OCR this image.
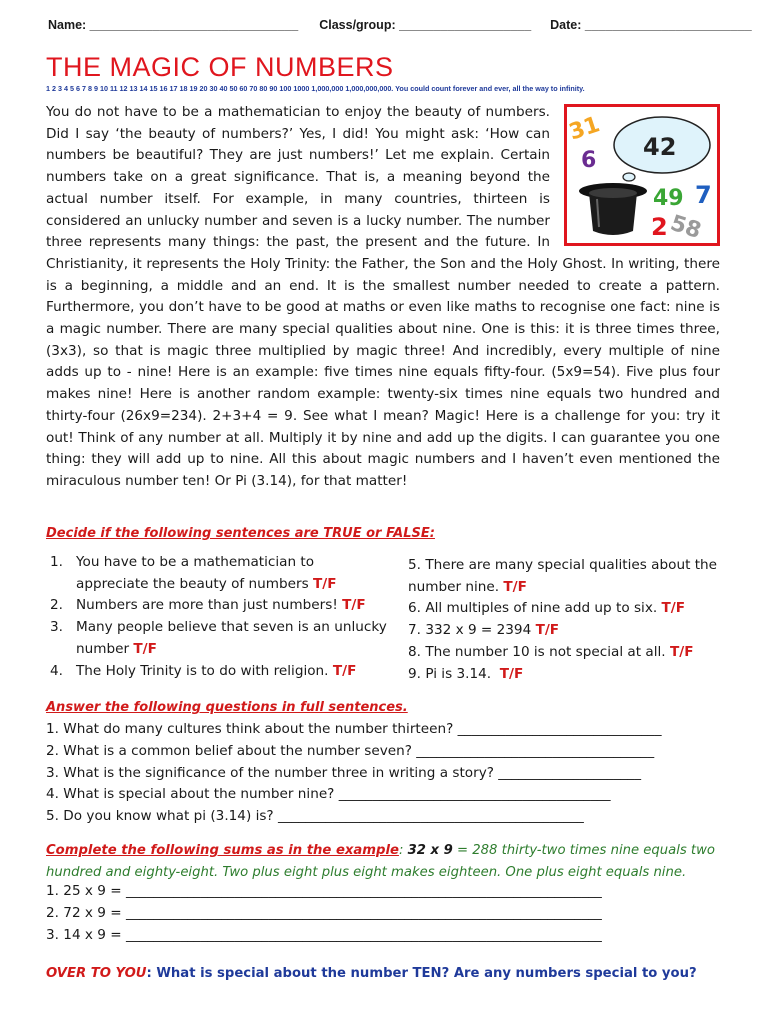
Name: ______________________________ Class/group: ___________________ Date: ________________________
THE MAGIC OF NUMBERS
1 2 3 4 5 6 7 8 9 10 11 12 13 14 15 16 17 18 19 20 30 40 50 60 70 80 90 100 1000 1,000,000 1,000,000,000. You could count forever and ever, all the way to infinity.
31
6 42
49 7
2 58
You do not have to be a mathematician to enjoy the beauty of numbers. Did I say ‘the beauty of numbers?’ Yes, I did! You might ask: ‘How can numbers be beautiful? They are just numbers!’ Let me explain. Certain numbers take on a great significance. That is, a meaning beyond the actual number itself. For example, in many countries, thirteen is considered an unlucky number and seven is a lucky number. The number three represents many things: the past, the present and the future. In Christianity, it represents the Holy Trinity: the Father, the Son and the Holy Ghost. In writing, there is a beginning, a middle and an end. It is the smallest number needed to create a pattern. Furthermore, you don’t have to be good at maths or even like maths to recognise one fact: nine is a magic number. There are many special qualities about nine. One is this: it is three times three, (3x3), so that is magic three multiplied by magic three! And incredibly, every multiple of nine adds up to - nine! Here is an example: five times nine equals fifty-four. (5x9=54). Five plus four makes nine! Here is another random example: twenty-six times nine equals two hundred and thirty-four (26x9=234). 2+3+4 = 9. See what I mean? Magic! Here is a challenge for you: try it out! Think of any number at all. Multiply it by nine and add up the digits. I can guarantee you one thing: they will add up to nine. All this about magic numbers and I haven’t even mentioned the miraculous number ten! Or Pi (3.14), for that matter!

Decide if the following sentences are TRUE or FALSE:

1. You have to be a mathematician to appreciate the beauty of numbers T/F
2. Numbers are more than just numbers! T/F
3. Many people believe that seven is an unlucky number T/F
4. The Holy Trinity is to do with religion. T/F
5. There are many special qualities about the number nine. T/F
6. All multiples of nine add up to six. T/F
7. 332 x 9 = 2394 T/F
8. The number 10 is not special at all. T/F
9. Pi is 3.14. T/F

Answer the following questions in full sentences.

1. What do many cultures think about the number thirteen? ______________________________
2. What is a common belief about the number seven? ___________________________________
3. What is the significance of the number three in writing a story? _____________________
4. What is special about the number nine? ________________________________________
5. Do you know what pi (3.14) is? _____________________________________________
Complete the following sums as in the example: 32 x 9 = 288 thirty-two times nine equals two hundred and eighty-eight. Two plus eight plus eight makes eighteen. One plus eight equals nine.
1. 25 x 9 = ______________________________________________________________________
2. 72 x 9 = ______________________________________________________________________
3. 14 x 9 = ______________________________________________________________________
OVER TO YOU: What is special about the number TEN? Are any numbers special to you?
